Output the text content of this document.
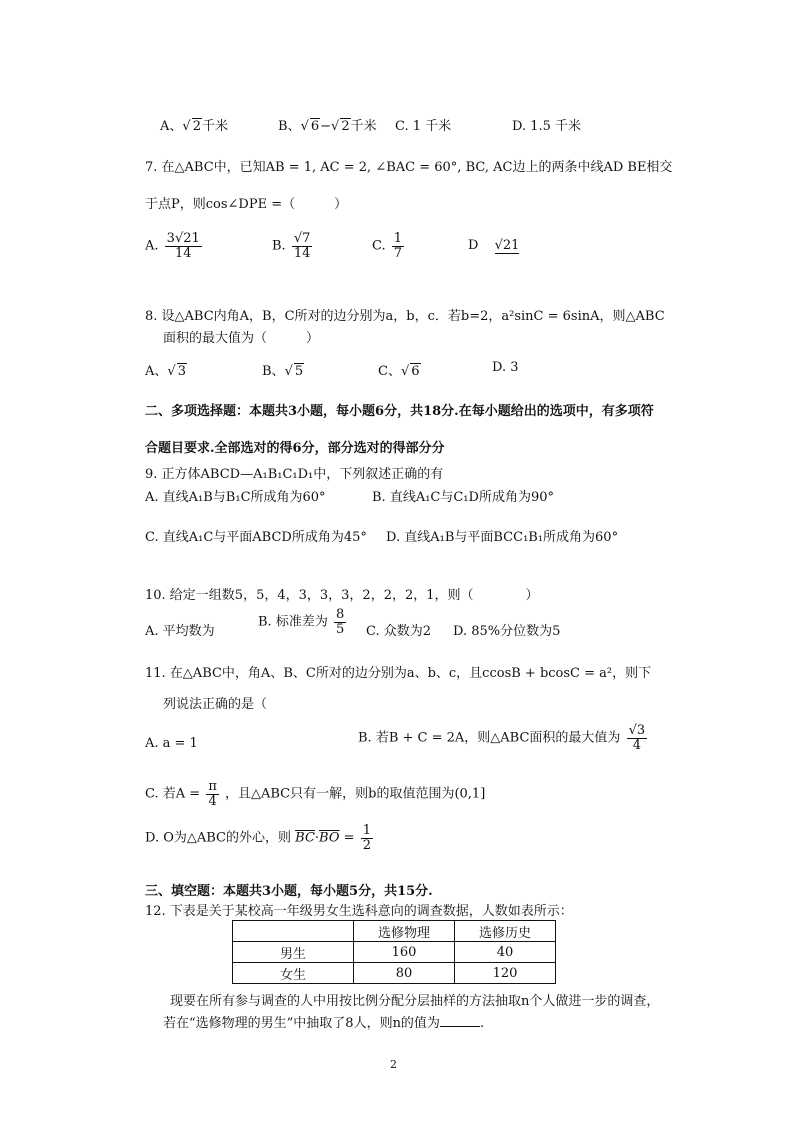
A、√ 2千米	B、√ 6−√ 2千米 C. 1 千米	D. 1.5 千米
7. 在△ABC中，已知AB = 1, AC = 2, ∠BAC = 60°, BC, AC边上的两条中线AD BE相交
于点P，则cos∠DPE =（　　　）
A. $\frac{3√21}{14}$	B. $\frac{√7}{14}$	C. $\frac{1}{7}$	D √21
8. 设△ABC内角A，B，C所对的边分别为a，b，c．若b=2，a²sinC = 6sinA，则△ABC
面积的最大值为（　　　）
A、√ 3	B、√ 5	C、√ 6	D. 3
二、多项选择题：本题共3小题，每小题6分，共18分.在每小题给出的选项中，有多项符
合题目要求.全部选对的得6分，部分选对的得部分分
9. 正方体ABCD—A₁B₁C₁D₁中，下列叙述正确的有
A. 直线A₁B与B₁C所成角为60°	B. 直线A₁C与C₁D所成角为90°
C. 直线A₁C与平面ABCD所成角为45° D. 直线A₁B与平面BCC₁B₁所成角为60°
10. 给定一组数5，5，4，3，3，3，2，2，2，1，则（　　　　）
A. 平均数为
B. 标准差为 $\frac{8}{5} C$. 众数为2 D. 85%分位数为5
11. 在△ABC中，角A、B、C所对的边分别为a、b、c，且ccosB + bcosC = a²，则下
列说法正确的是（
A. a = 1	B. 若B + C = 2A，则△ABC面积的最大值为 $\frac{√3}{4}$
C. 若$A = \frac{\pi}{4}$ ，且△ABC只有一解，则b的取值范围为(0,1]
D. O为△ABC的外心，则 $\overline{BC}\cdot\overline{BO} = \frac{1}{2}$
三、填空题：本题共3小题，每小题5分，共15分.
12. 下表是关于某校高一年级男女生选科意向的调查数据，人数如表所示：
	选修物理	选修历史
男生	160	40
女生	80	120
现要在所有参与调查的人中用按比例分配分层抽样的方法抽取n个人做进一步的调查，
若在“选修物理的男生”中抽取了8人，则n的值为	.
2
